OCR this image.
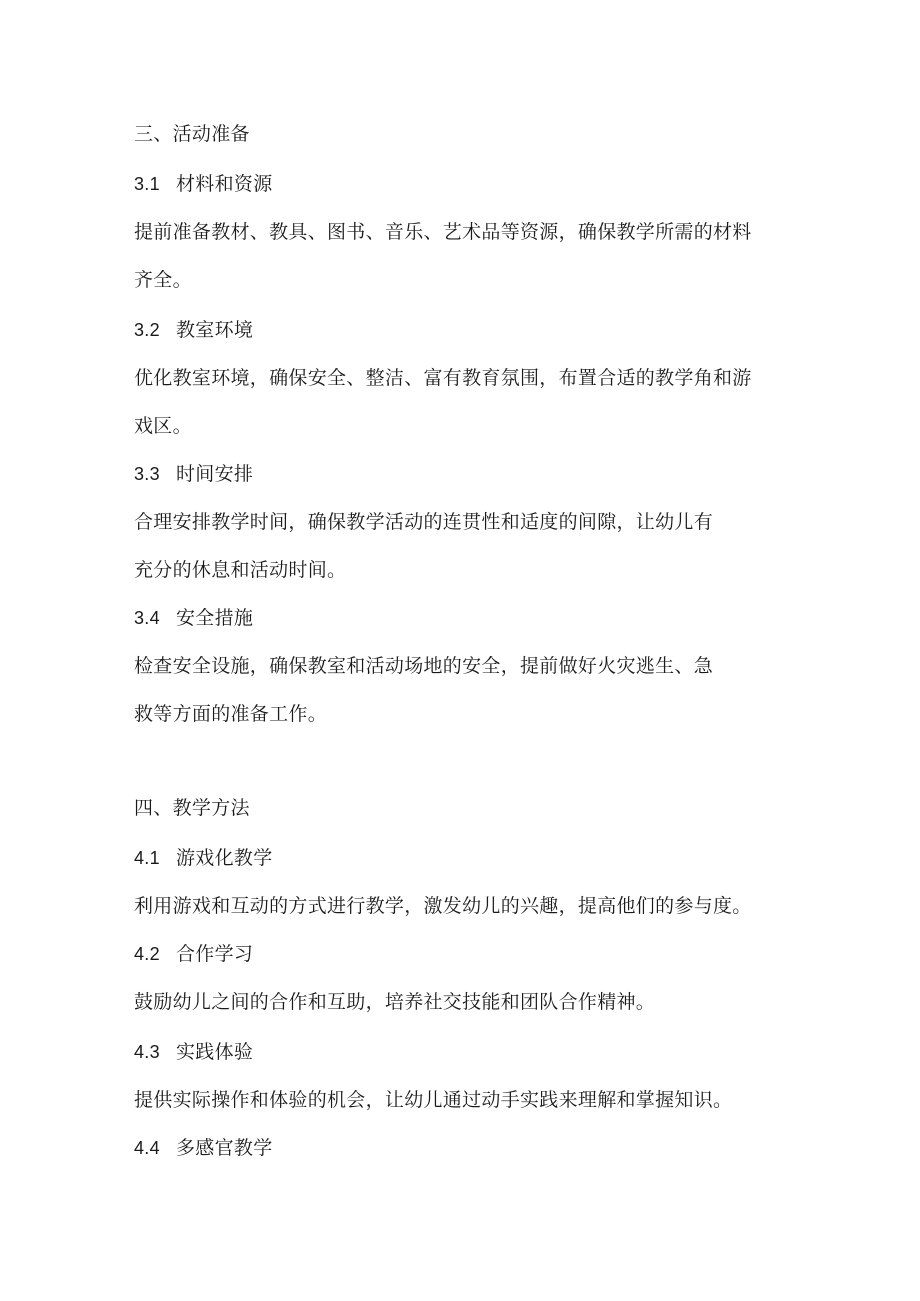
三、活动准备
3.1 材料和资源
提前准备教材、教具、图书、音乐、艺术品等资源，确保教学所需的材料
齐全。
3.2 教室环境
优化教室环境，确保安全、整洁、富有教育氛围，布置合适的教学角和游
戏区。
3.3 时间安排
合理安排教学时间，确保教学活动的连贯性和适度的间隙，让幼儿有
充分的休息和活动时间。
3.4 安全措施
检查安全设施，确保教室和活动场地的安全，提前做好火灾逃生、急
救等方面的准备工作。
四、教学方法
4.1 游戏化教学
利用游戏和互动的方式进行教学，激发幼儿的兴趣，提高他们的参与度。
4.2 合作学习
鼓励幼儿之间的合作和互助，培养社交技能和团队合作精神。
4.3 实践体验
提供实际操作和体验的机会，让幼儿通过动手实践来理解和掌握知识。
4.4 多感官教学
